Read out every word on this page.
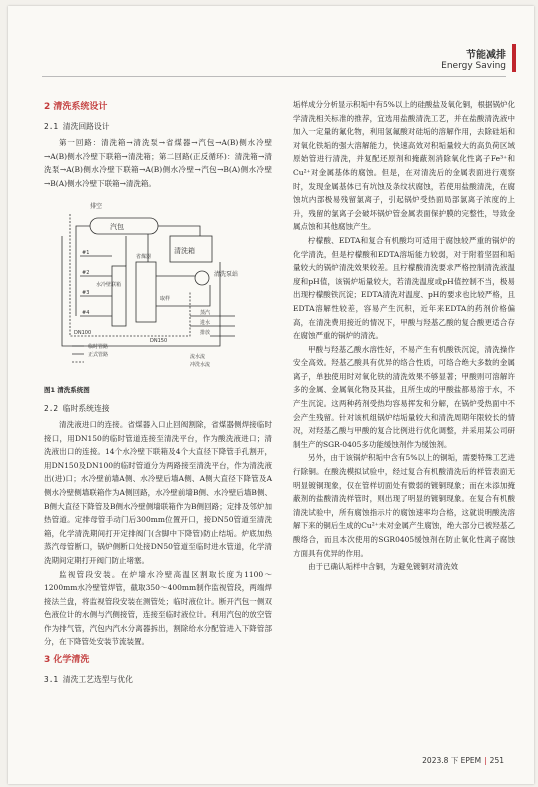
节能减排
Energy Saving
2 清洗系统设计
2.1 清洗回路设计

第一回路：清洗箱→清洗泵→省煤器→汽包→A(B)侧水冷壁→A(B)侧水冷壁下联箱→清洗箱；第二回路(正反循环)：清洗箱→清洗泵→A(B)侧水冷壁下联箱→A(B)侧水冷壁→汽包→B(A)侧水冷壁→B(A)侧水冷壁下联箱→清洗箱。

排空
汽包
清洗箱
清洗泵站
#1
#2
#3
#4
水冷壁联箱
省煤器
DN100
DN150
蒸汽
进水
排放
取样
临时管路
正式管路	流水流
冲洗水流
图1 清洗系统图
2.2 临时系统连接

清洗液进口的连接。省煤器入口止回阀割除，省煤器侧焊接临时接口，用DN150的临时管道连接至清洗平台，作为酸洗液进口；清洗液出口的连接。14个水冷壁下联箱及4个大直径下降管手孔割开，用DN150及DN100的临时管道分为两路接至清洗平台，作为清洗液出(进)口；水冷壁前墙A侧、水冷壁后墙A侧、A侧大直径下降管及A侧水冷壁侧墙联箱作为A侧回路，水冷壁前墙B侧、水冷壁后墙B侧、B侧大直径下降管及B侧水冷壁侧墙联箱作为B侧回路；定排及邻炉加热管道。定排母管手动门后300mm位置开口，接DN50管道至清洗箱，化学清洗期间打开定排阀门(含脚中下降管)防止结垢。炉底加热蒸汽母管断口，锅炉侧断口处接DN50管道至临时进水管道，化学清洗期间定期打开阀门防止堵塞。

监视管段安装。在炉墙水冷壁高温区割取长度为1100～1200mm水冷壁管焊管，截取350～400mm制作监视管段，两端焊接法兰盘，将监视管段安装在测管处；临时液位计。断开汽包一侧双色液位计的水侧与汽侧接管，连接至临时液位计。利用汽包的放空管作为排气管，汽包内汽水分离器拆出，割除给水分配管进入下降管部分，在下降管处安装节流装置。

3 化学清洗
3.1 清洗工艺选型与优化

垢样成分分析显示积垢中有5%以上的硅酸盐及氧化铜，根据锅炉化学清洗相关标准的推荐，宜选用盐酸清洗工艺，并在盐酸清洗液中加入一定量的氟化物，利用氢氟酸对硅垢的溶解作用，去除硅垢和对氧化铁垢的强大溶解能力，快速高效对积垢量较大的高负荷区域原始管进行清洗，并复配还原剂和掩蔽剂消除氧化性离子Fe³⁺和Cu²⁺对金属基体的腐蚀。但是，在对清洗后的金属表面进行观察时，发现金属基体已有坑蚀及条纹状腐蚀，若使用盐酸清洗，在腐蚀坑内部极易残留氯离子，引起锅炉受热面局部氯离子浓度的上升，残留的氯离子会破坏锅炉管金属表面保护膜的完整性，导致金属点蚀和其他腐蚀产生。

柠檬酸、EDTA和复合有机酸均可适用于腐蚀较严重的锅炉的化学清洗，但是柠檬酸和EDTA溶垢能力较弱，对于附着坚固和垢量较大的锅炉清洗效果较差。且柠檬酸清洗要求严格控制清洗液温度和pH值，该锅炉垢量较大，若清洗温度或pH值控制不当，极易出现柠檬酸铁沉淀；EDTA清洗对温度、pH的要求也比较严格，且EDTA溶解性较差，容易产生沉积，近年来EDTA的药剂价格偏高，在清洗费用接近的情况下，甲酸与羟基乙酸的复合酸更适合存在腐蚀严重的锅炉的清洗。

甲酸与羟基乙酸水溶性好，不易产生有机酸铁沉淀，清洗操作安全高效。羟基乙酸具有优异的络合性质，可络合绝大多数的金属离子，单独使用时对氧化铁的清洗效果不够显著；甲酸则可溶解许多的金属、金属氧化物及其盐，且所生成的甲酸盐都易溶于水，不产生沉淀。这两种药剂受热均容易挥发和分解，在锅炉受热面中不会产生残留。针对该机组锅炉结垢量较大和清洗周期年限较长的情况，对羟基乙酸与甲酸的复合比例进行优化调整，并采用某公司研制生产的SGR-0405多功能缓蚀剂作为缓蚀剂。

另外，由于该锅炉积垢中含有5%以上的铜垢，需要特殊工艺进行除铜。在酸洗模拟试验中，经过复合有机酸清洗后的样管表面无明显镀铜现象，仅在管样切面处有微弱的镀铜现象；而在未添加掩蔽剂的盐酸清洗样管时，则出现了明显的镀铜现象。在复合有机酸清洗试验中，所有腐蚀指示片的腐蚀速率均合格，这就说明酸洗溶解下来的铜后生成的Cu²⁺未对金属产生腐蚀，绝大部分已被羟基乙酸络合，而且本次使用的SGR0405缓蚀剂在防止氧化性离子腐蚀方面具有优异的作用。

由于已确认垢样中含铜，为避免镀铜对清洗效

2023.8 下 EPEM | 251
